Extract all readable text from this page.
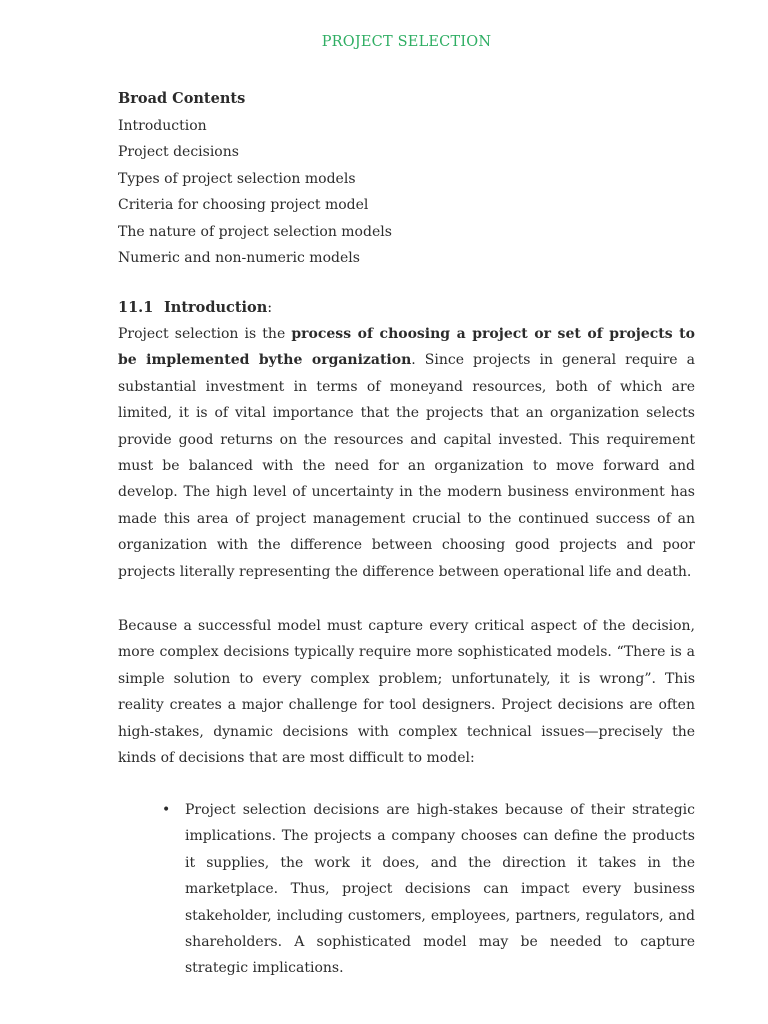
PROJECT SELECTION
Broad Contents
Introduction
Project decisions
Types of project selection models
Criteria for choosing project model
The nature of project selection models
Numeric and non-numeric models
11.1 Introduction:

Project selection is the process of choosing a project or set of projects to be implemented bythe organization. Since projects in general require a substantial investment in terms of moneyand resources, both of which are limited, it is of vital importance that the projects that an organization selects provide good returns on the resources and capital invested. This requirement must be balanced with the need for an organization to move forward and develop. The high level of uncertainty in the modern business environment has made this area of project management crucial to the continued success of an organization with the difference between choosing good projects and poor projects literally representing the difference between operational life and death.

Because a successful model must capture every critical aspect of the decision, more complex decisions typically require more sophisticated models. “There is a simple solution to every complex problem; unfortunately, it is wrong”. This reality creates a major challenge for tool designers. Project decisions are often high-stakes, dynamic decisions with complex technical issues—precisely the kinds of decisions that are most difficult to model:

• Project selection decisions are high-stakes because of their strategic implications. The projects a company chooses can define the products it supplies, the work it does, and the direction it takes in the marketplace. Thus, project decisions can impact every business stakeholder, including customers, employees, partners, regulators, and shareholders. A sophisticated model may be needed to capture strategic implications.
